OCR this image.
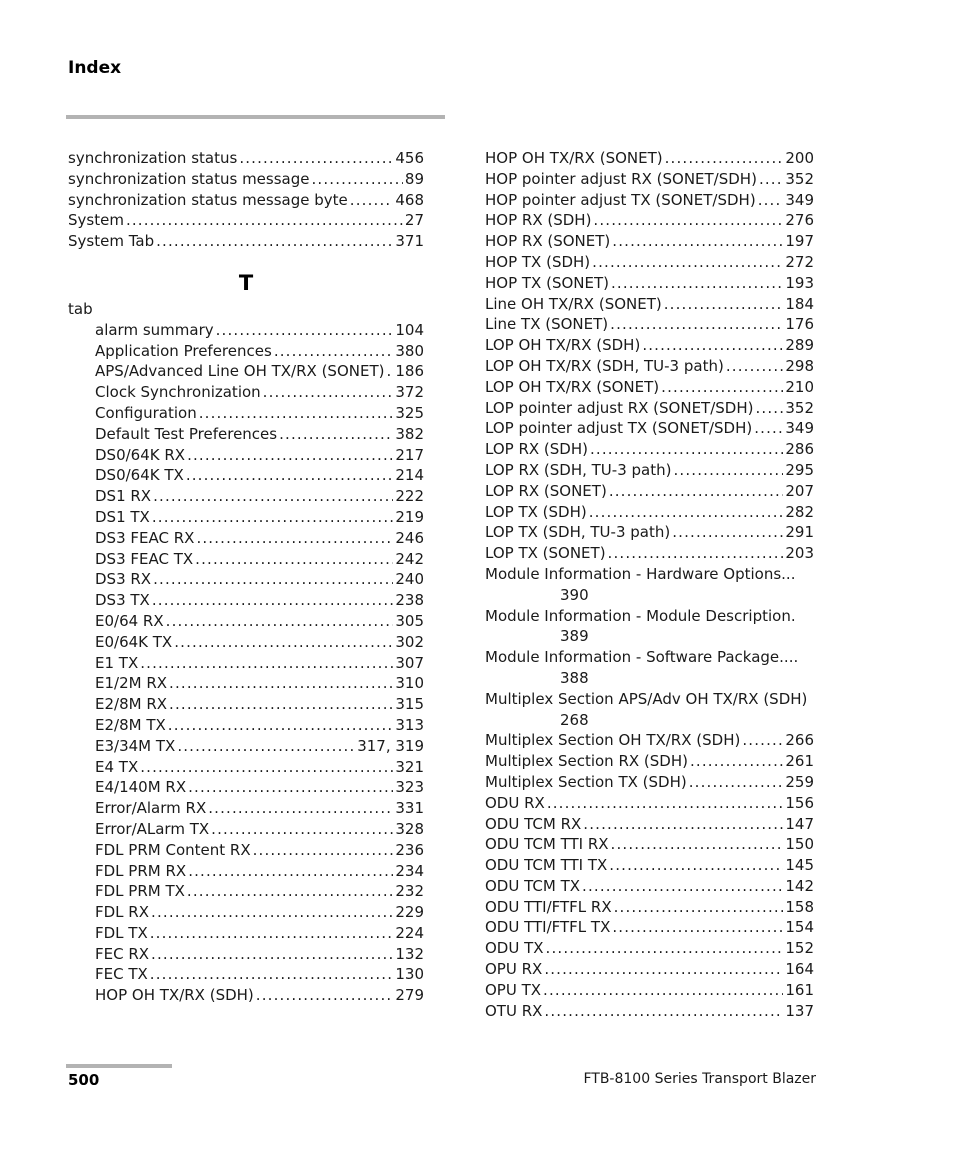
Index
synchronization status . . .	456
synchronization status message . . .	89
synchronization status message byte . . .	468
System . . .	27
System Tab . . .	371
T
tab
alarm summary . . .	104
Application Preferences . . .	380
APS/Advanced Line OH TX/RX (SONET) . . . 186
Clock Synchronization . . .	372
Configuration . . .	325
Default Test Preferences . . .	382
DS0/64K RX . . .	217
DS0/64K TX . . .	214
DS1 RX . . .	222
DS1 TX . . .	219
DS3 FEAC RX . . .	246
DS3 FEAC TX . . .	242
DS3 RX . . .	240
DS3 TX . . .	238
E0/64 RX . . .	305
E0/64K TX . . .	302
E1 TX . . .	307
E1/2M RX . . .	310
E2/8M RX . . .	315
E2/8M TX . . .	313
E3/34M TX . . .	317, 319
E4 TX . . .	321
E4/140M RX . . .	323
Error/Alarm RX . . .	331
Error/ALarm TX . . .	328
FDL PRM Content RX . . .	236
FDL PRM RX . . .	234
FDL PRM TX . . .	232
FDL RX . . .	229
FDL TX . . .	224
FEC RX . . .	132
FEC TX . . .	130
HOP OH TX/RX (SDH) . . .	279
HOP OH TX/RX (SONET) . . .	200
HOP pointer adjust RX (SONET/SDH) . . . 352
HOP pointer adjust TX (SONET/SDH) . . . 349
HOP RX (SDH) . . .	276
HOP RX (SONET) . . .	197
HOP TX (SDH) . . .	272
HOP TX (SONET) . . .	193
Line OH TX/RX (SONET) . . .	184
Line TX (SONET) . . .	176
LOP OH TX/RX (SDH) . . .	289
LOP OH TX/RX (SDH, TU-3 path) . . .	298
LOP OH TX/RX (SONET) . . .	210
LOP pointer adjust RX (SONET/SDH) . . . 352
LOP pointer adjust TX (SONET/SDH) . . . 349
LOP RX (SDH) . . .	286
LOP RX (SDH, TU-3 path) . . .	295
LOP RX (SONET) . . .	207
LOP TX (SDH) . . .	282
LOP TX (SDH, TU-3 path) . . .	291
LOP TX (SONET) . . .	203
Module Information - Hardware Options...
390
Module Information - Module Description.
389
Module Information - Software Package....
388
Multiplex Section APS/Adv OH TX/RX (SDH)
268
Multiplex Section OH TX/RX (SDH) . . .	266
Multiplex Section RX (SDH) . . .	261
Multiplex Section TX (SDH) . . .	259
ODU RX . . .	156
ODU TCM RX . . .	147
ODU TCM TTI RX . . .	150
ODU TCM TTI TX . . .	145
ODU TCM TX . . .	142
ODU TTI/FTFL RX . . .	158
ODU TTI/FTFL TX . . .	154
ODU TX . . .	152
OPU RX . . .	164
OPU TX . . .	161
OTU RX . . .	137
500	FTB-8100 Series Transport Blazer
